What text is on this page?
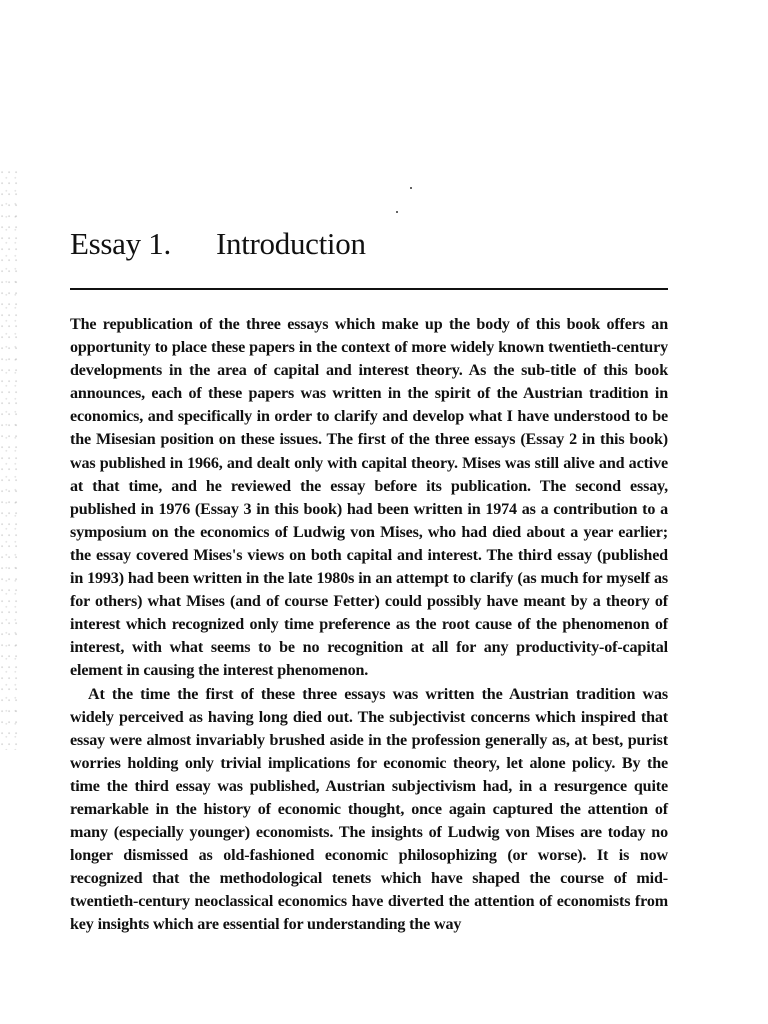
Essay 1. Introduction

The republication of the three essays which make up the body of this book offers an opportunity to place these papers in the context of more widely known twentieth-century developments in the area of capital and interest theory. As the sub-title of this book announces, each of these papers was written in the spirit of the Austrian tradition in economics, and specifically in order to clarify and develop what I have understood to be the Misesian position on these issues. The first of the three essays (Essay 2 in this book) was published in 1966, and dealt only with capital theory. Mises was still alive and active at that time, and he reviewed the essay before its publication. The second essay, published in 1976 (Essay 3 in this book) had been written in 1974 as a contribution to a symposium on the economics of Ludwig von Mises, who had died about a year earlier; the essay covered Mises's views on both capital and interest. The third essay (published in 1993) had been written in the late 1980s in an attempt to clarify (as much for myself as for others) what Mises (and of course Fetter) could possibly have meant by a theory of interest which recognized only time preference as the root cause of the phenomenon of interest, with what seems to be no recognition at all for any productivity-of-capital element in causing the interest phenomenon.

At the time the first of these three essays was written the Austrian tradition was widely perceived as having long died out. The subjectivist concerns which inspired that essay were almost invariably brushed aside in the profession generally as, at best, purist worries holding only trivial implications for economic theory, let alone policy. By the time the third essay was published, Austrian subjectivism had, in a resurgence quite remarkable in the history of economic thought, once again captured the attention of many (especially younger) economists. The insights of Ludwig von Mises are today no longer dismissed as old-fashioned economic philosophizing (or worse). It is now recognized that the methodological tenets which have shaped the course of mid-twentieth-century neoclassical economics have diverted the attention of economists from key insights which are essential for understanding the way
